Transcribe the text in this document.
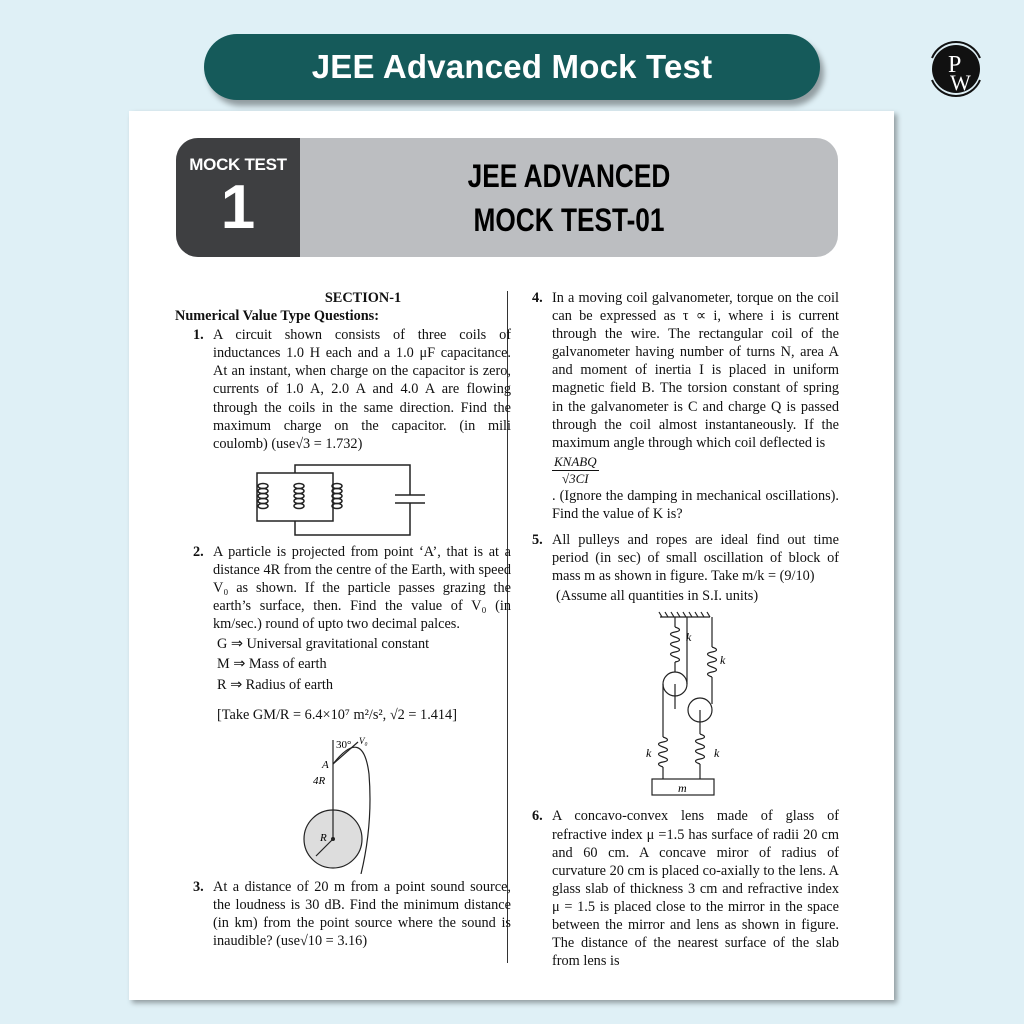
JEE Advanced Mock Test	P
W
MOCK TEST
1	JEE ADVANCED
MOCK TEST-01
SECTION-1
Numerical Value Type Questions:
1. A circuit shown consists of three coils of inductances 1.0 H each and a 1.0 μF capacitance. At an instant, when charge on the capacitor is zero, currents of 1.0 A, 2.0 A and 4.0 A are flowing through the coils in the same direction. Find the maximum charge on the capacitor. (in mili coulomb) (use√3 = 1.732)
2. A particle is projected from point ‘A’, that is at a distance 4R from the centre of the Earth, with speed V₀ as shown. If the particle passes grazing the earth’s surface, then. Find the value of V₀ (in km/sec.) round of upto two decimal palces.
G ⇒ Universal gravitational constant
M ⇒ Mass of earth
R ⇒ Radius of earth
[Take GM/R = 6.4×10⁷ m²/s², √2 = 1.414]
30° V₀
A
4R
R
3. At a distance of 20 m from a point sound source, the loudness is 30 dB. Find the minimum distance (in km) from the point source where the sound is inaudible? (use√10 = 3.16)
4. In a moving coil galvanometer, torque on the coil can be expressed as τ ∝ i, where i is current through the wire. The rectangular coil of the galvanometer having number of turns N, area A and moment of inertia I is placed in uniform magnetic field B. The torsion constant of spring in the galvanometer is C and charge Q is passed through the coil almost instantaneously. If the maximum angle through which coil deflected is
KNABQ
√3CI
. (Ignore the damping in mechanical oscillations). Find the value of K is?
5. All pulleys and ropes are ideal find out time period (in sec) of small oscillation of block of mass m as shown in figure. Take m/k = (9/10)
(Assume all quantities in S.I. units)
k
k
k	k
m
6. A concavo-convex lens made of glass of refractive index μ =1.5 has surface of radii 20 cm and 60 cm. A concave miror of radius of curvature 20 cm is placed co-axially to the lens. A glass slab of thickness 3 cm and refractive index μ = 1.5 is placed close to the mirror in the space between the mirror and lens as shown in figure. The distance of the nearest surface of the slab from lens is
